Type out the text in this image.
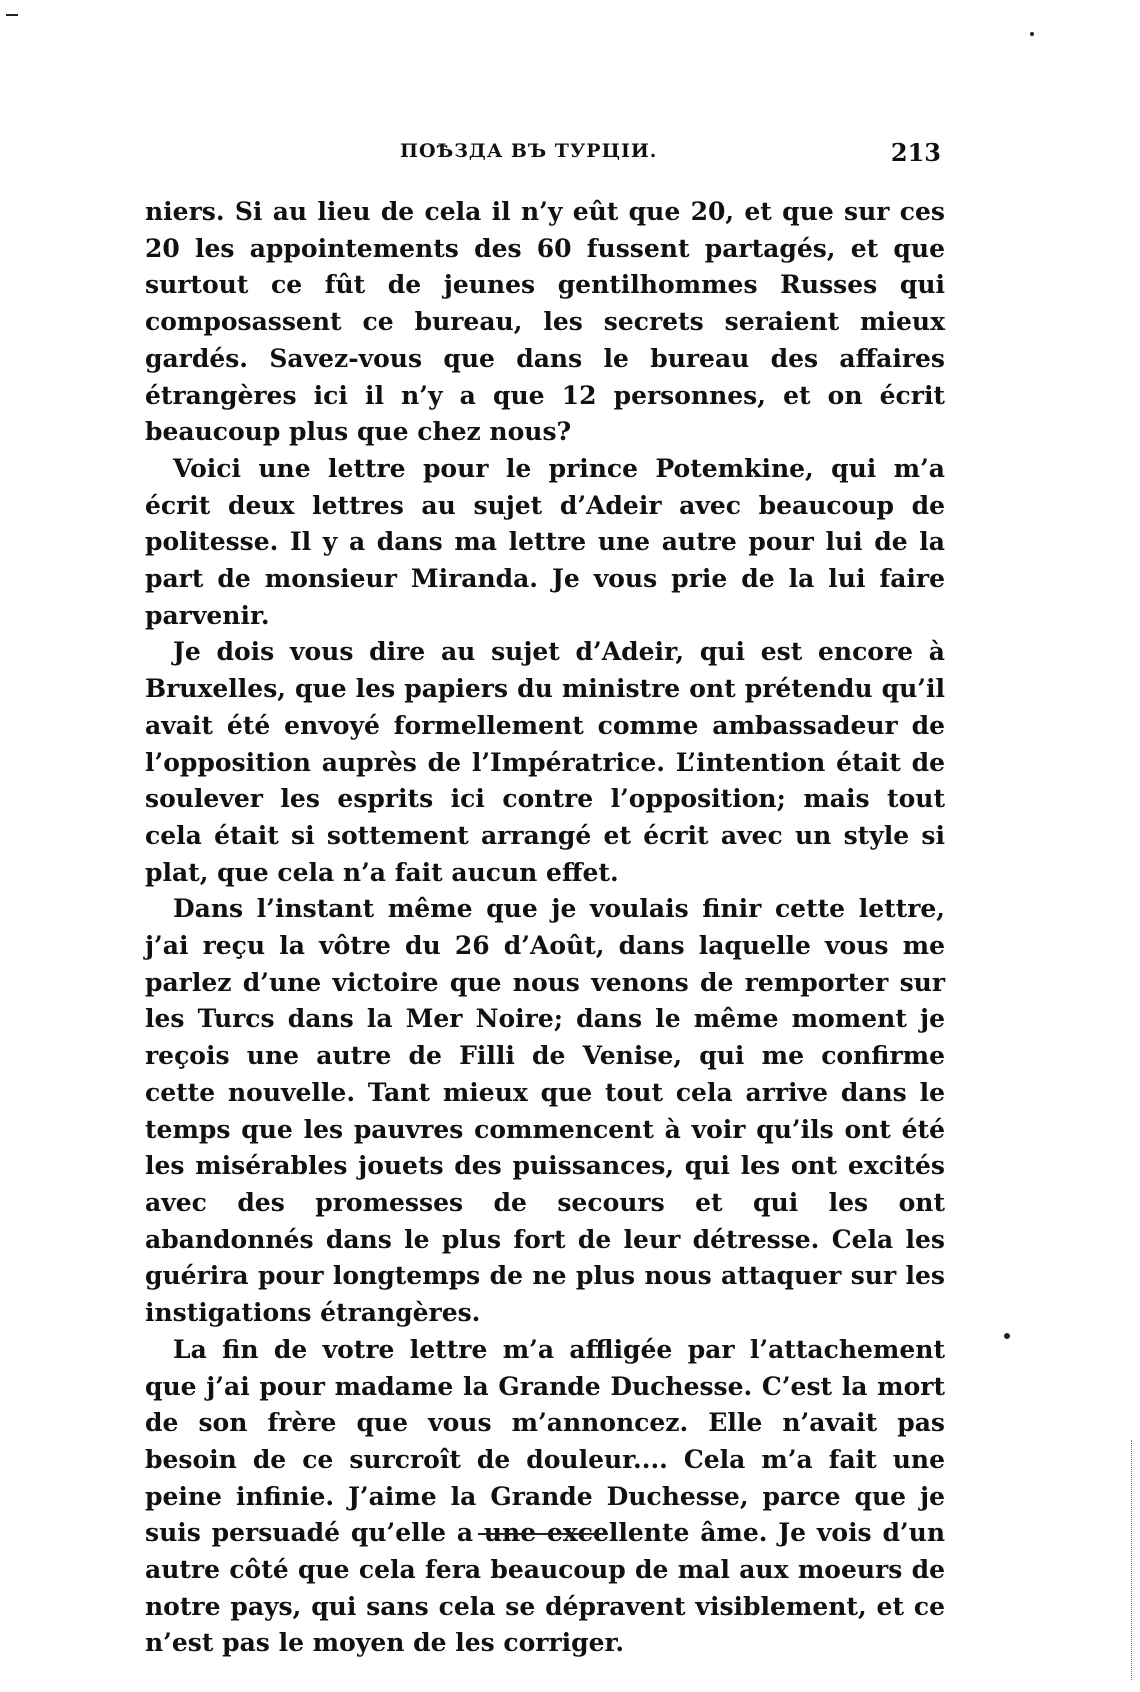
ПОѢЗДА ВЪ ТУРЦІИ.	213

niers. Si au lieu de cela il n’y eût que 20, et que sur ces 20 les appointements des 60 fussent partagés, et que surtout ce fût de jeunes gentilhommes Russes qui composassent ce bureau, les secrets seraient mieux gardés. Savez-vous que dans le bureau des affaires étrangères ici il n’y a que 12 personnes, et on écrit beaucoup plus que chez nous?

Voici une lettre pour le prince Potemkine, qui m’a écrit deux lettres au sujet d’Adeir avec beaucoup de politesse. Il y a dans ma lettre une autre pour lui de la part de monsieur Miranda. Je vous prie de la lui faire parvenir.

Je dois vous dire au sujet d’Adeir, qui est encore à Bruxelles, que les papiers du ministre ont prétendu qu’il avait été envoyé formellement comme ambassadeur de l’opposition auprès de l’Impératrice. L’intention était de soulever les esprits ici contre l’opposition; mais tout cela était si sottement arrangé et écrit avec un style si plat, que cela n’a fait aucun effet.

Dans l’instant même que je voulais finir cette lettre, j’ai reçu la vôtre du 26 d’Août, dans laquelle vous me parlez d’une victoire que nous venons de remporter sur les Turcs dans la Mer Noire; dans le même moment je reçois une autre de Filli de Venise, qui me confirme cette nouvelle. Tant mieux que tout cela arrive dans le temps que les pauvres commencent à voir qu’ils ont été les misérables jouets des puissances, qui les ont excités avec des promesses de secours et qui les ont abandonnés dans le plus fort de leur détresse. Cela les guérira pour longtemps de ne plus nous attaquer sur les instigations étrangères.

La fin de votre lettre m’a affligée par l’attachement que j’ai pour madame la Grande Duchesse. C’est la mort de son frère que vous m’annoncez. Elle n’avait pas besoin de ce surcroît de douleur.... Cela m’a fait une peine infinie. J’aime la Grande Duchesse, parce que je suis persuadé qu’elle a une excellente âme. Je vois d’un autre côté que cela fera beaucoup de mal aux moeurs de notre pays, qui sans cela se dépravent visiblement, et ce n’est pas le moyen de les corriger.
